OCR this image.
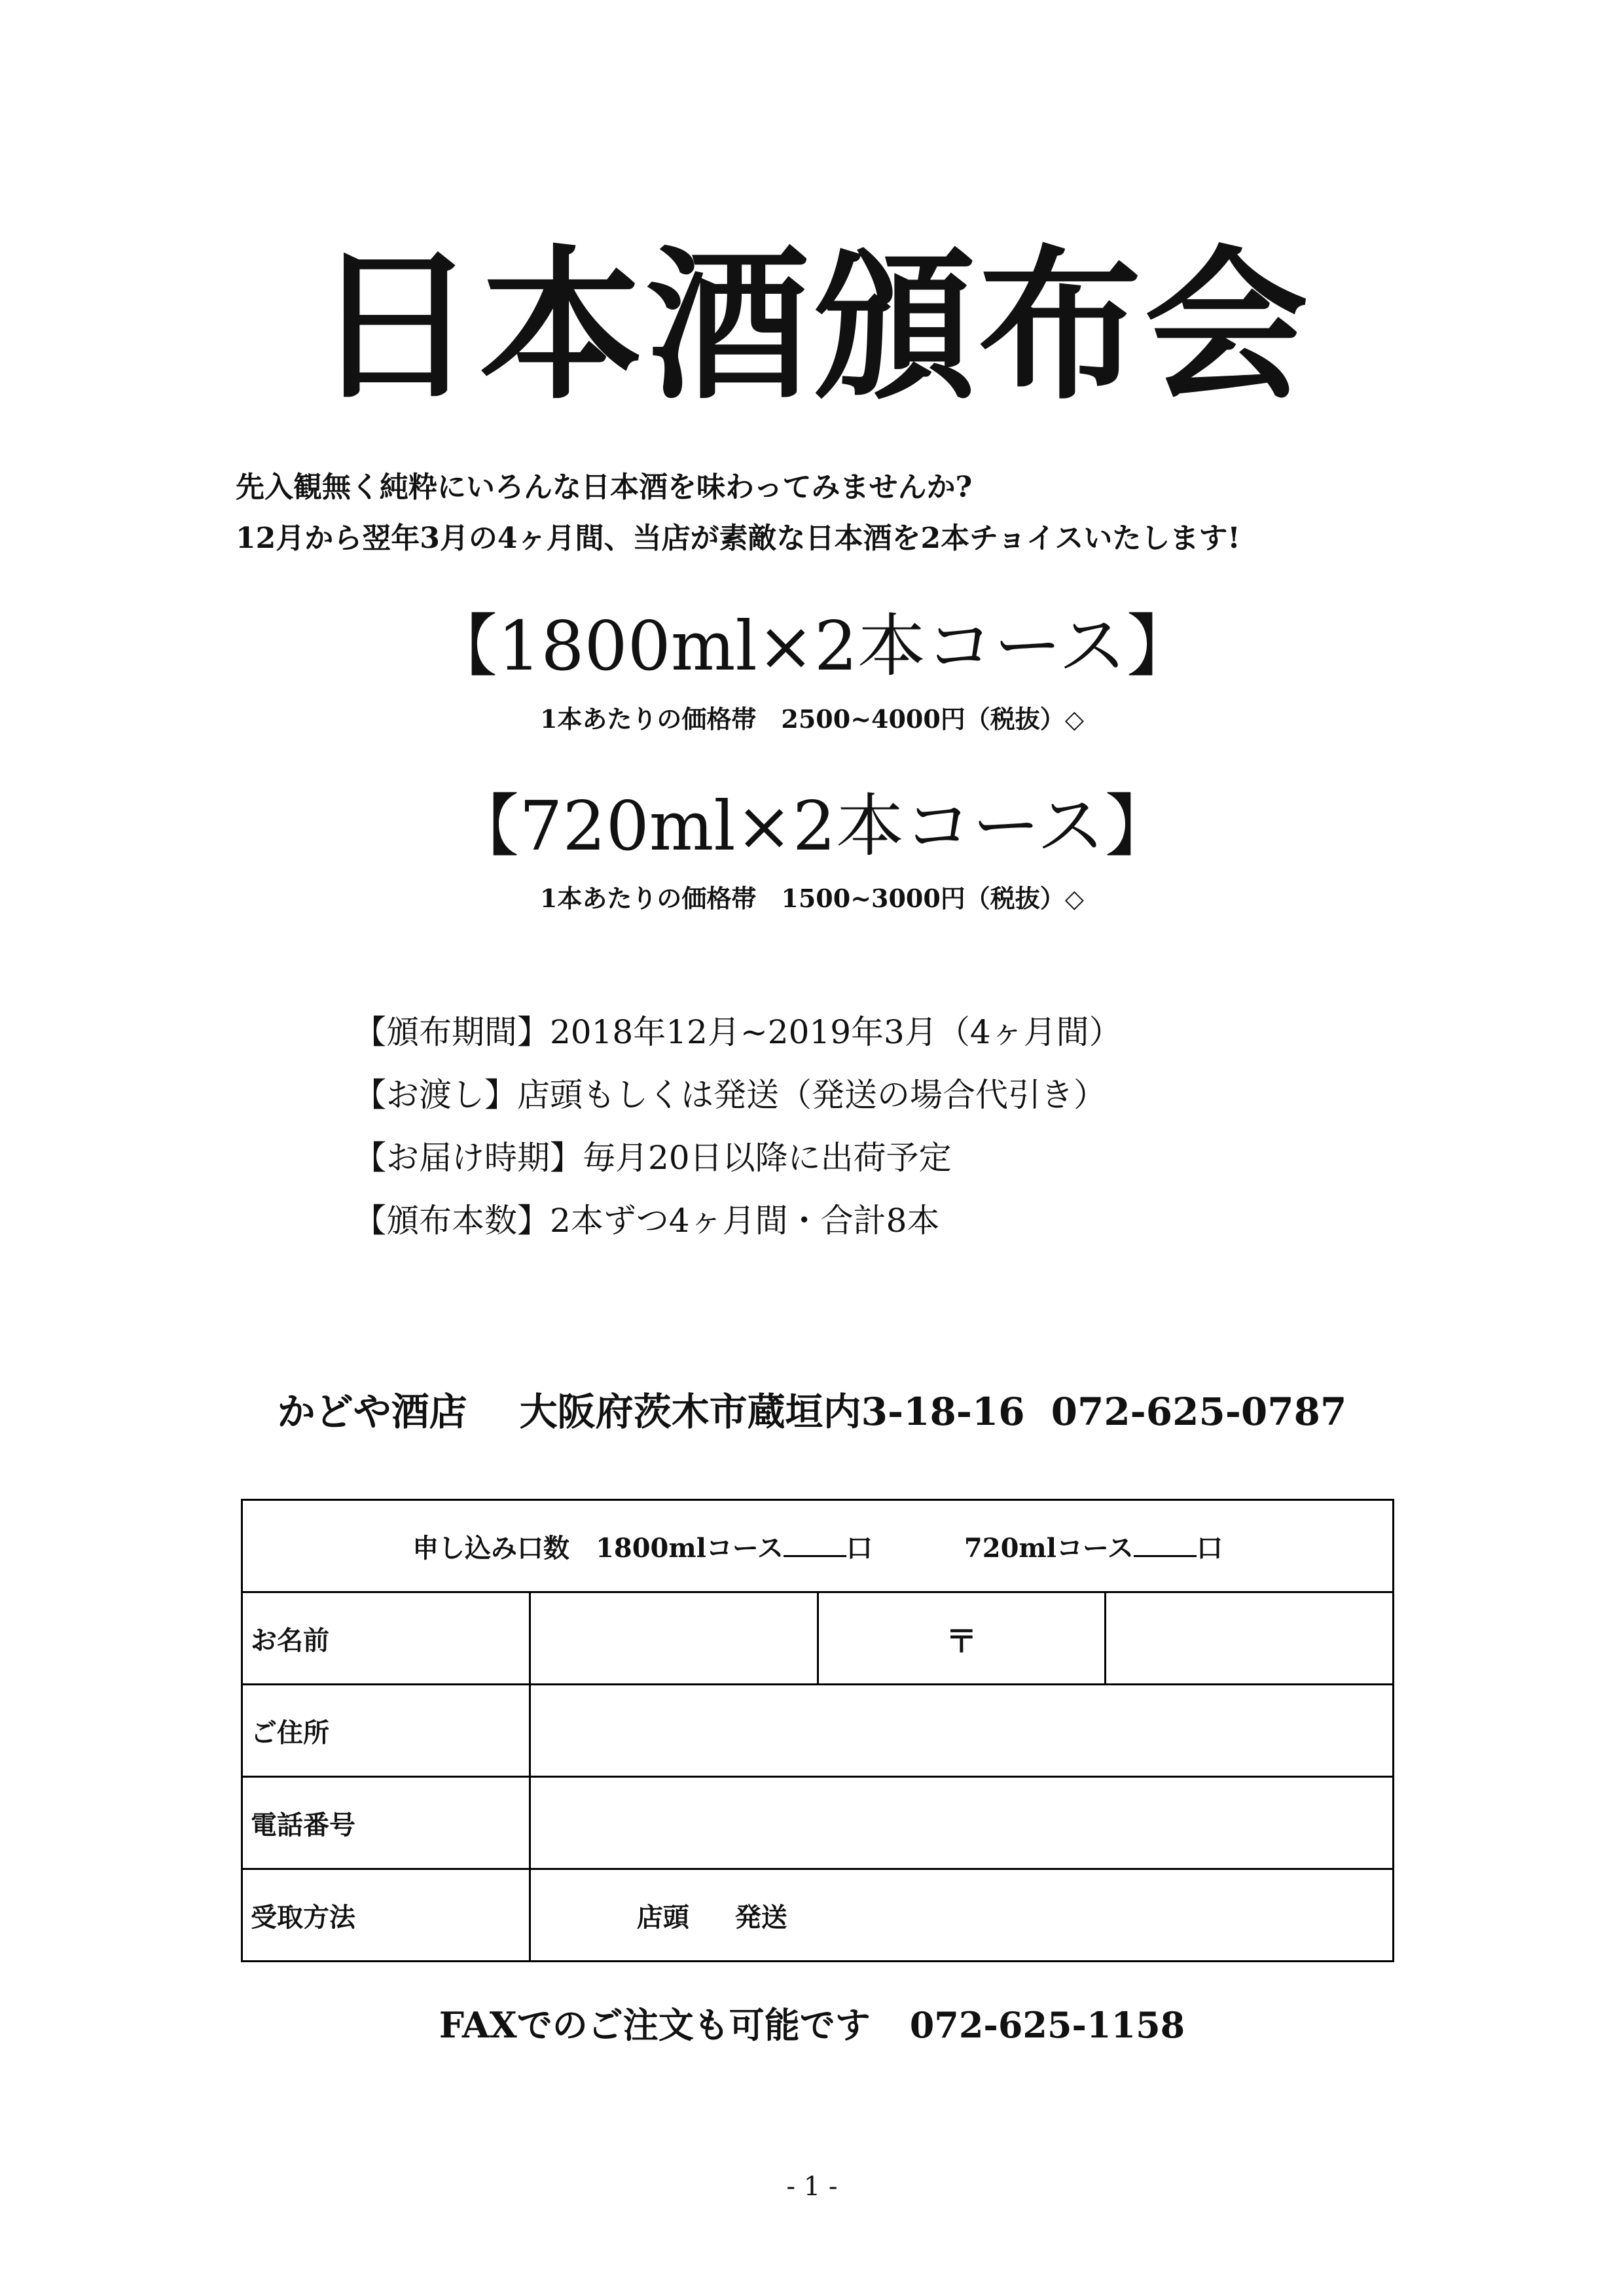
日本酒頒布会
先入観無く純粋にいろんな日本酒を味わってみませんか?
12月から翌年3月の4ヶ月間、当店が素敵な日本酒を2本チョイスいたします!
【1800ml×2本コース】
1本あたりの価格帯　2500~4000円（税抜）◇
【720ml×2本コース】
1本あたりの価格帯　1500~3000円（税抜）◇
【頒布期間】2018年12月~2019年3月（4ヶ月間）
【お渡し】店頭もしくは発送（発送の場合代引き）
【お届け時期】毎月20日以降に出荷予定
【頒布本数】2本ずつ4ヶ月間・合計8本
かどや酒店 大阪府茨木市蔵垣内3-18-16 072-625-0787
申し込み口数 1800mlコース 口 720mlコース 口			
お名前		〒	
ご住所			
電話番号			
受取方法	店頭 発送		
FAXでのご注文も可能です 072-625-1158
- 1 -
